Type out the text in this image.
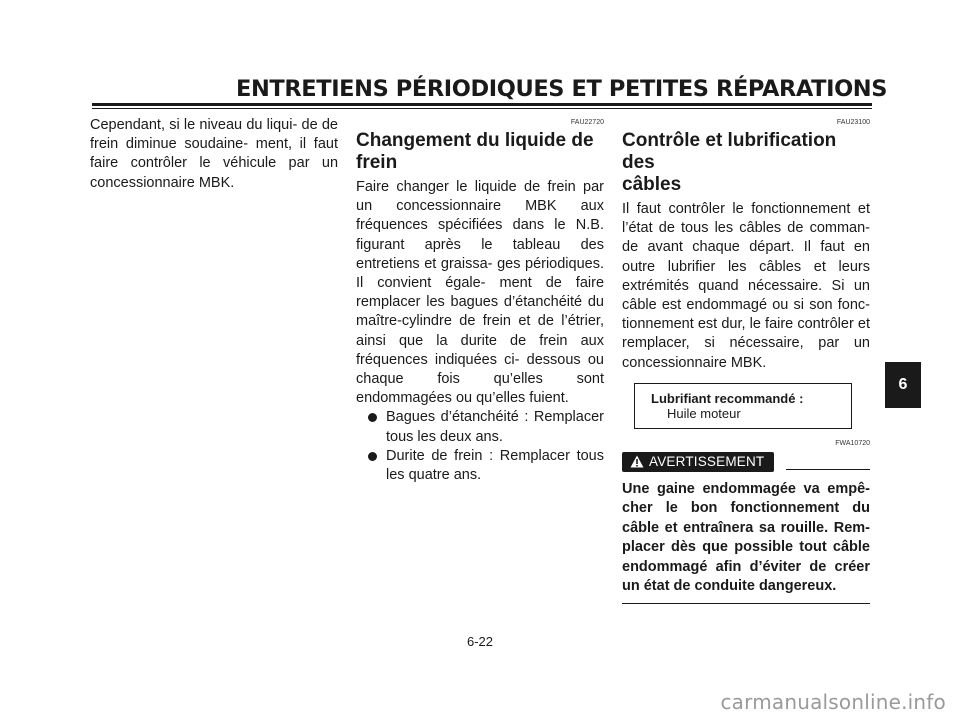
ENTRETIENS PÉRIODIQUES ET PETITES RÉPARATIONS

Cependant, si le niveau du liqui- de de frein diminue soudaine- ment, il faut faire contrôler le véhicule par un concessionnaire MBK.

FAU22720
Changement du liquide de
frein

Faire changer le liquide de frein par un concessionnaire MBK aux fréquences spécifiées dans le N.B. figurant après le tableau des entretiens et graissa- ges périodiques. Il convient égale- ment de faire remplacer les bagues d’étanchéité du maître-cylindre de frein et de l’étrier, ainsi que la durite de frein aux fréquences indiquées ci- dessous ou chaque fois qu’elles sont endommagées ou qu’elles fuient.

Bagues d’étanchéité : Remplacer tous les deux ans.
Durite de frein : Remplacer tous les quatre ans.
FAU23100
Contrôle et lubrification des
câbles

Il faut contrôler le fonctionnement et l’état de tous les câbles de comman- de avant chaque départ. Il faut en outre lubrifier les câbles et leurs extrémités quand nécessaire. Si un câble est endommagé ou si son fonc- tionnement est dur, le faire contrôler et remplacer, si nécessaire, par un concessionnaire MBK.

Lubrifiant recommandé :
Huile moteur
FWA10720
AVERTISSEMENT

Une gaine endommagée va empê- cher le bon fonctionnement du câble et entraînera sa rouille. Rem- placer dès que possible tout câble endommagé afin d’éviter de créer un état de conduite dangereux.

6
6-22
carmanualsonline.info
